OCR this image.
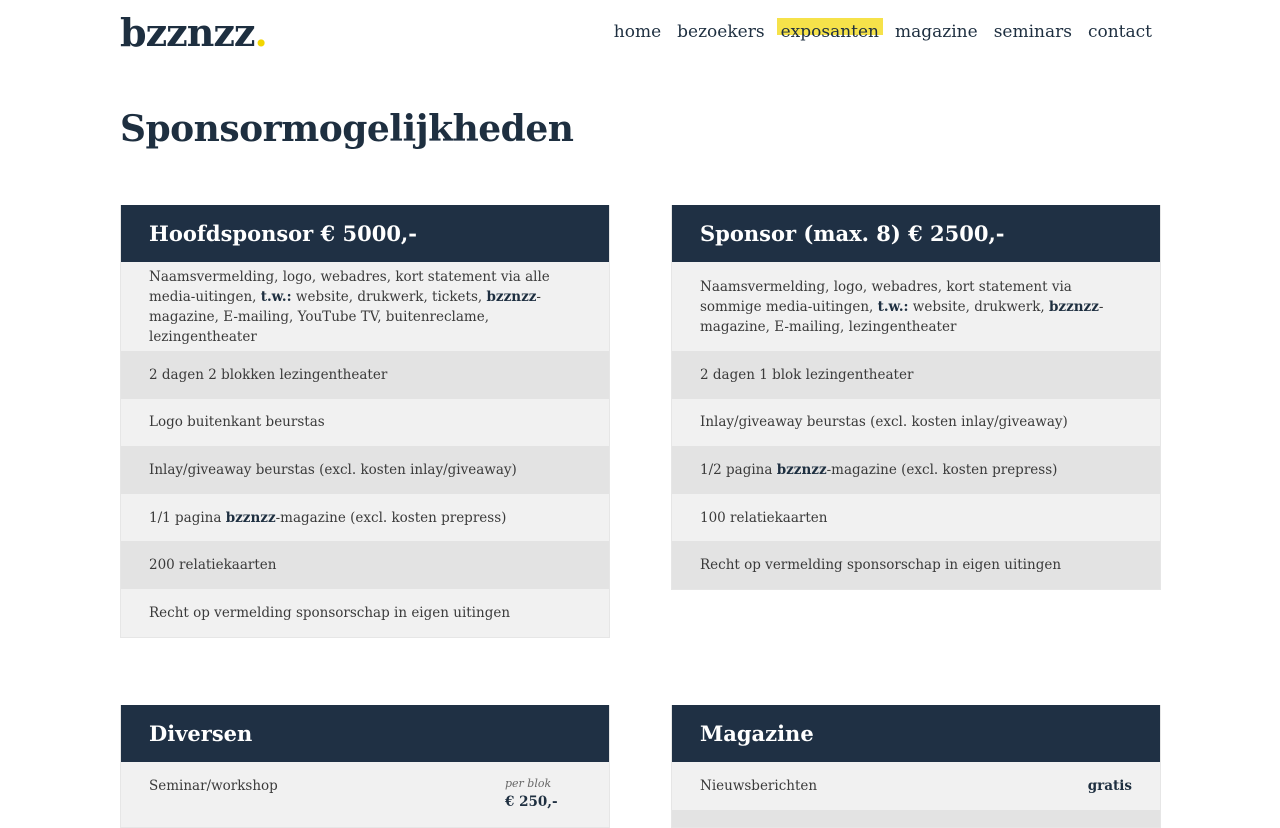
bzznzz.	home bezoekers exposanten magazine seminars contact
Sponsormogelijkheden
Hoofdsponsor € 5000,-
Naamsvermelding, logo, webadres, kort statement via alle media-uitingen, t.w.: website, drukwerk, tickets, bzznzz-magazine, E-mailing, YouTube TV, buitenreclame, lezingentheater
2 dagen 2 blokken lezingentheater
Logo buitenkant beurstas
Inlay/giveaway beurstas (excl. kosten inlay/giveaway)
1/1 pagina bzznzz-magazine (excl. kosten prepress)
200 relatiekaarten
Recht op vermelding sponsorschap in eigen uitingen
Sponsor (max. 8) € 2500,-
Naamsvermelding, logo, webadres, kort statement via sommige media-uitingen, t.w.: website, drukwerk, bzznzz-magazine, E-mailing, lezingentheater
2 dagen 1 blok lezingentheater
Inlay/giveaway beurstas (excl. kosten inlay/giveaway)
1/2 pagina bzznzz-magazine (excl. kosten prepress)
100 relatiekaarten
Recht op vermelding sponsorschap in eigen uitingen
Diversen
Seminar/workshop	per blok
€ 250,-
Magazine
Nieuwsberichten	gratis
